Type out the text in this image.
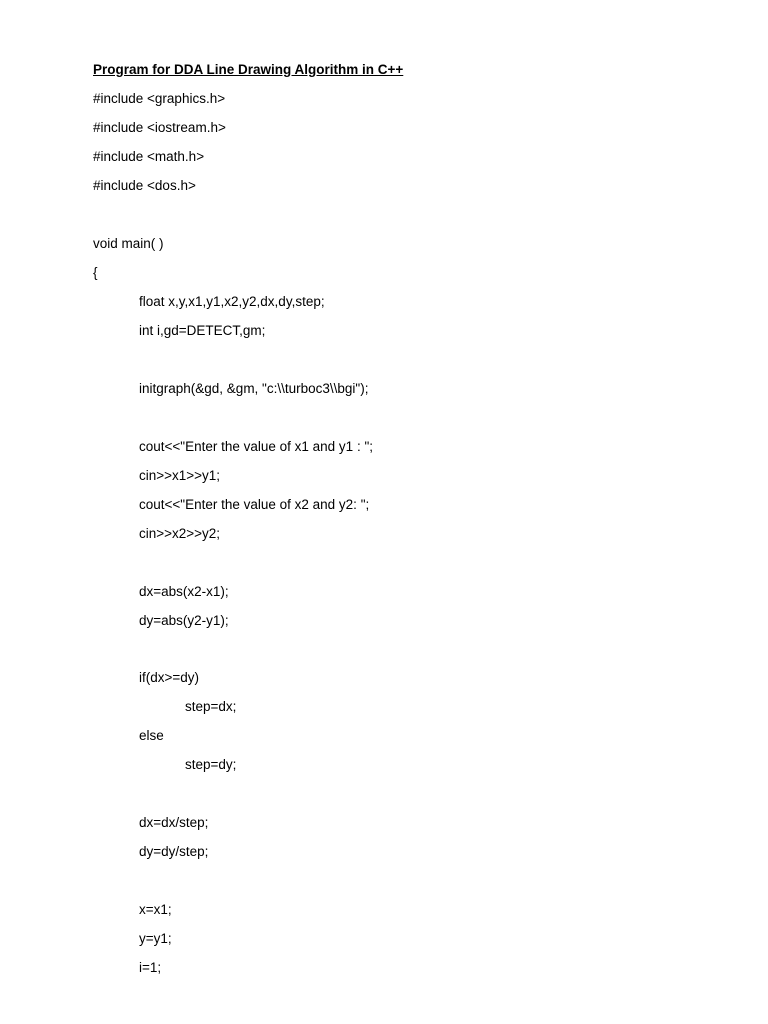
Program for DDA Line Drawing Algorithm in C++
#include <graphics.h>
#include <iostream.h>
#include <math.h>
#include <dos.h>
void main( )
{
float x,y,x1,y1,x2,y2,dx,dy,step;
int i,gd=DETECT,gm;
initgraph(&gd, &gm, "c:\\turboc3\\bgi");
cout<<"Enter the value of x1 and y1 : ";
cin>>x1>>y1;
cout<<"Enter the value of x2 and y2: ";
cin>>x2>>y2;
dx=abs(x2-x1);
dy=abs(y2-y1);
if(dx>=dy)
step=dx;
else
step=dy;
dx=dx/step;
dy=dy/step;
x=x1;
y=y1;
i=1;
